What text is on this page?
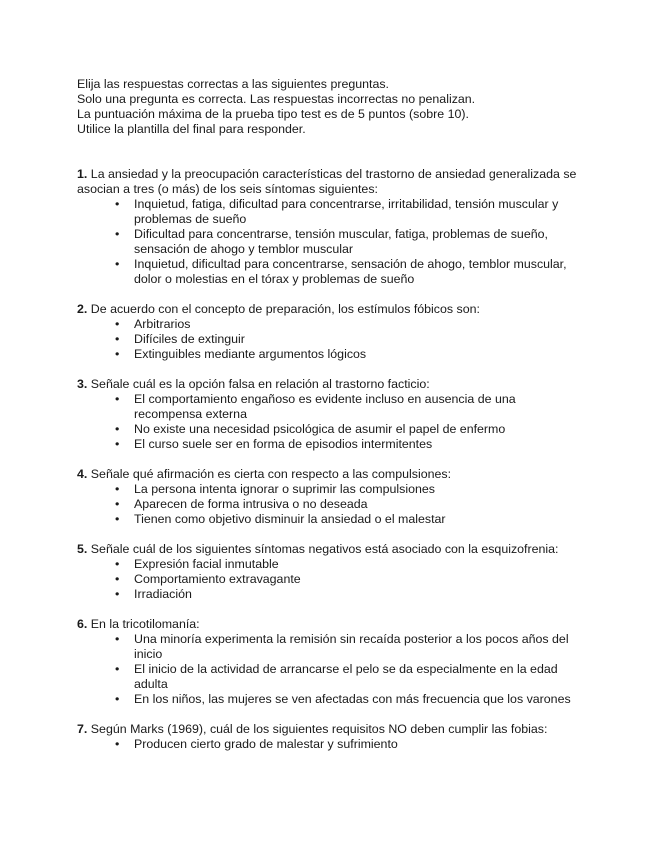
Elija las respuestas correctas a las siguientes preguntas.

Solo una pregunta es correcta. Las respuestas incorrectas no penalizan.

La puntuación máxima de la prueba tipo test es de 5 puntos (sobre 10).

Utilice la plantilla del final para responder.

1. La ansiedad y la preocupación características del trastorno de ansiedad generalizada se asocian a tres (o más) de los seis síntomas siguientes:

• Inquietud, fatiga, dificultad para concentrarse, irritabilidad, tensión muscular y problemas de sueño
• Dificultad para concentrarse, tensión muscular, fatiga, problemas de sueño, sensación de ahogo y temblor muscular
• Inquietud, dificultad para concentrarse, sensación de ahogo, temblor muscular, dolor o molestias en el tórax y problemas de sueño

2. De acuerdo con el concepto de preparación, los estímulos fóbicos son:

• Arbitrarios
• Difíciles de extinguir
• Extinguibles mediante argumentos lógicos

3. Señale cuál es la opción falsa en relación al trastorno facticio:

• El comportamiento engañoso es evidente incluso en ausencia de una recompensa externa
• No existe una necesidad psicológica de asumir el papel de enfermo
• El curso suele ser en forma de episodios intermitentes

4. Señale qué afirmación es cierta con respecto a las compulsiones:

• La persona intenta ignorar o suprimir las compulsiones
• Aparecen de forma intrusiva o no deseada
• Tienen como objetivo disminuir la ansiedad o el malestar

5. Señale cuál de los siguientes síntomas negativos está asociado con la esquizofrenia:

• Expresión facial inmutable
• Comportamiento extravagante
• Irradiación

6. En la tricotilomanía:

• Una minoría experimenta la remisión sin recaída posterior a los pocos años del inicio
• El inicio de la actividad de arrancarse el pelo se da especialmente en la edad adulta
• En los niños, las mujeres se ven afectadas con más frecuencia que los varones

7. Según Marks (1969), cuál de los siguientes requisitos NO deben cumplir las fobias:

• Producen cierto grado de malestar y sufrimiento
